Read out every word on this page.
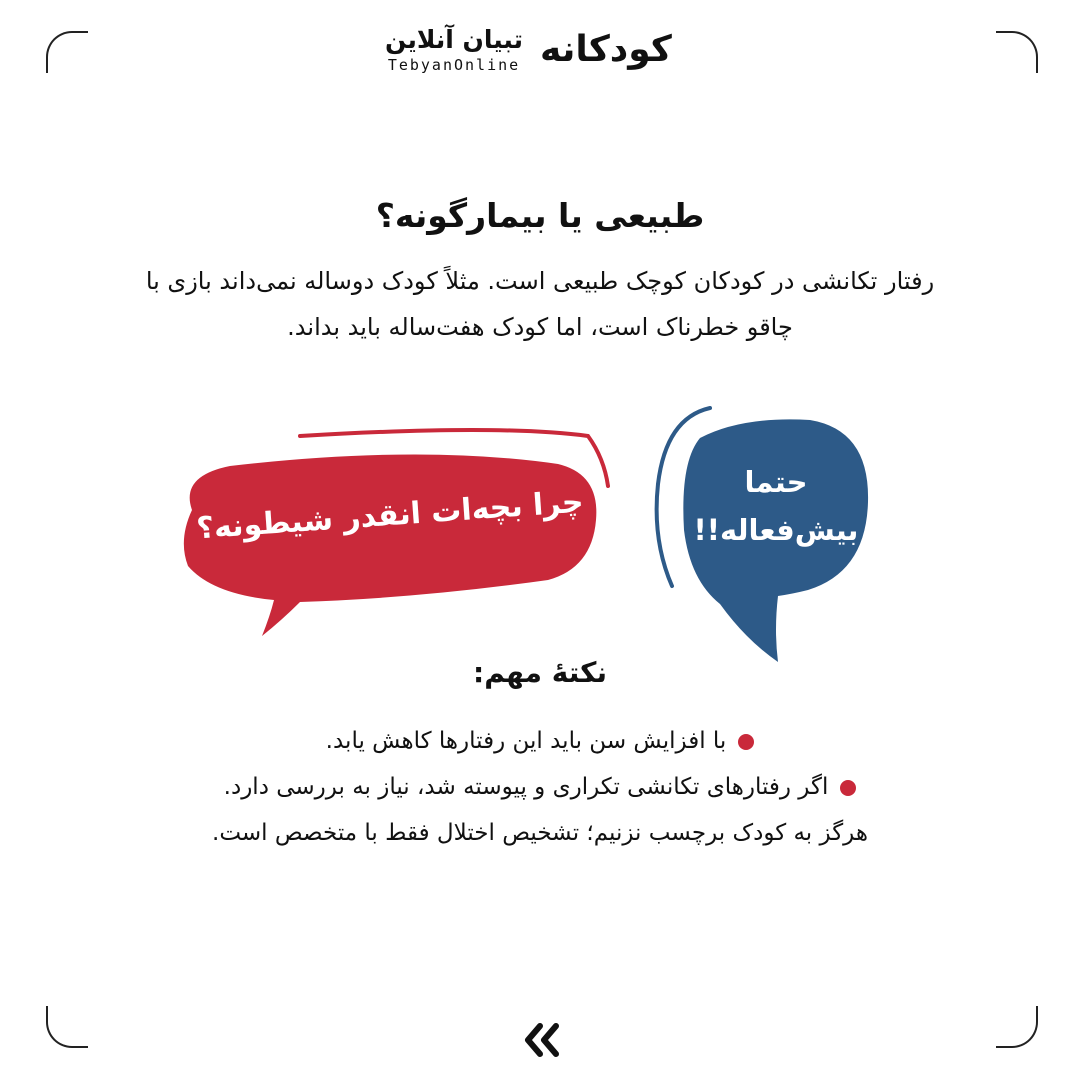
تبیان آنلاین
TebyanOnline کودکانه
طبیعی یا بیمارگونه؟
رفتار تکانشی در کودکان کوچک طبیعی است. مثلاً کودک دوساله نمی‌داند بازی با چاقو خطرناک است، اما کودک هفت‌ساله باید بداند.
چرا بچه‌ات انقدر شیطونه؟
حتما
بیش‌فعاله!!
نکتهٔ مهم:
با افزایش سن باید این رفتارها کاهش یابد.
اگر رفتارهای تکانشی تکراری و پیوسته شد، نیاز به بررسی دارد.
هرگز به کودک برچسب نزنیم؛ تشخیص اختلال فقط با متخصص است.
